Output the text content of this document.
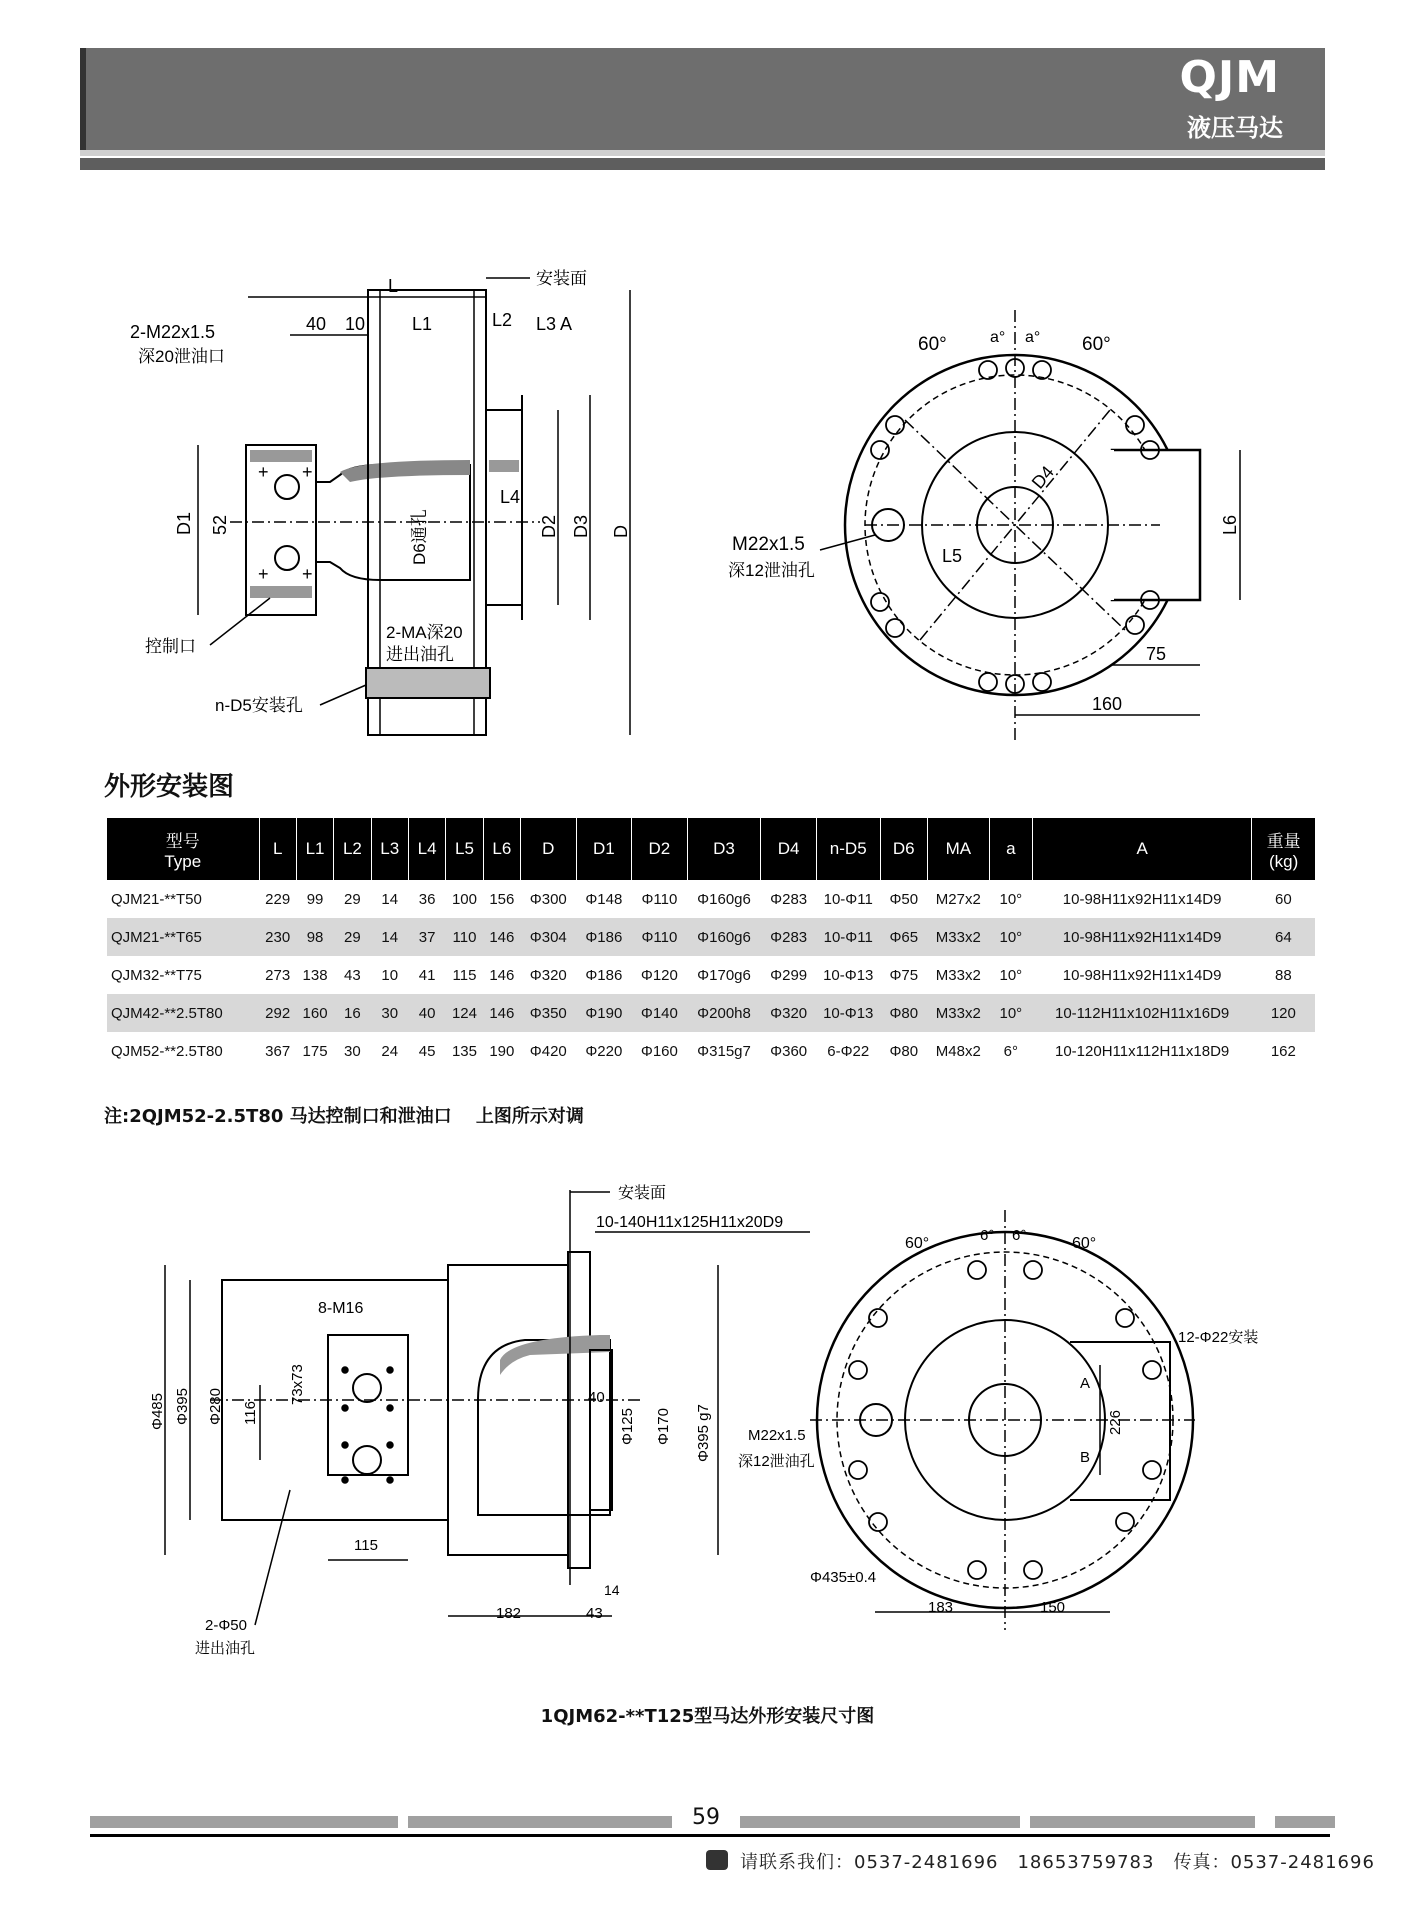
QJM
液压马达
+ +
+ +
L
40 10	L1	L2 L3 A
安装面
2-M22x1.5
深20泄油口
D1 52	D6通孔
L4
D2 D3 D
控制口
2-MA深20
进出油孔
n-D5安装孔
60°	60°
a° a°
D4
L5
L6
M22x1.5
深12泄油孔
75
160
外形安装图
型号
Type	L	L1	L2	L3	L4	L5	L6	D	D1	D2	D3	D4	n-D5	D6	MA	a	A	重量
(kg)
QJM21-**T50	229	99	29	14	36	100	156	Φ300	Φ148	Φ110	Φ160g6	Φ283	10-Φ11	Φ50	M27x2	10°	10-98H11x92H11x14D9	60
QJM21-**T65	230	98	29	14	37	110	146	Φ304	Φ186	Φ110	Φ160g6	Φ283	10-Φ11	Φ65	M33x2	10°	10-98H11x92H11x14D9	64
QJM32-**T75	273	138	43	10	41	115	146	Φ320	Φ186	Φ120	Φ170g6	Φ299	10-Φ13	Φ75	M33x2	10°	10-98H11x92H11x14D9	88
QJM42-**2.5T80	292	160	16	30	40	124	146	Φ350	Φ190	Φ140	Φ200h8	Φ320	10-Φ13	Φ80	M33x2	10°	10-112H11x102H11x16D9	120
QJM52-**2.5T80	367	175	30	24	45	135	190	Φ420	Φ220	Φ160	Φ315g7	Φ360	6-Φ22	Φ80	M48x2	6°	10-120H11x112H11x18D9	162
注:2QJM52-2.5T80 马达控制口和泄油口　 上图所示对调
安装面
10-140H11x125H11x20D9
8-M16
Φ485 Φ395 Φ280 116
73x73	40
Φ125 Φ170 Φ395 g7
115
182
14
43
2-Φ50
进出油孔
60°	60°
6° 6°
12-Φ22安装
A
B
226
M22x1.5
深12泄油孔
Φ435±0.4
183	150
1QJM62-**T125型马达外形安装尺寸图
59
请联系我们：0537-2481696　18653759783　传真：0537-2481696
